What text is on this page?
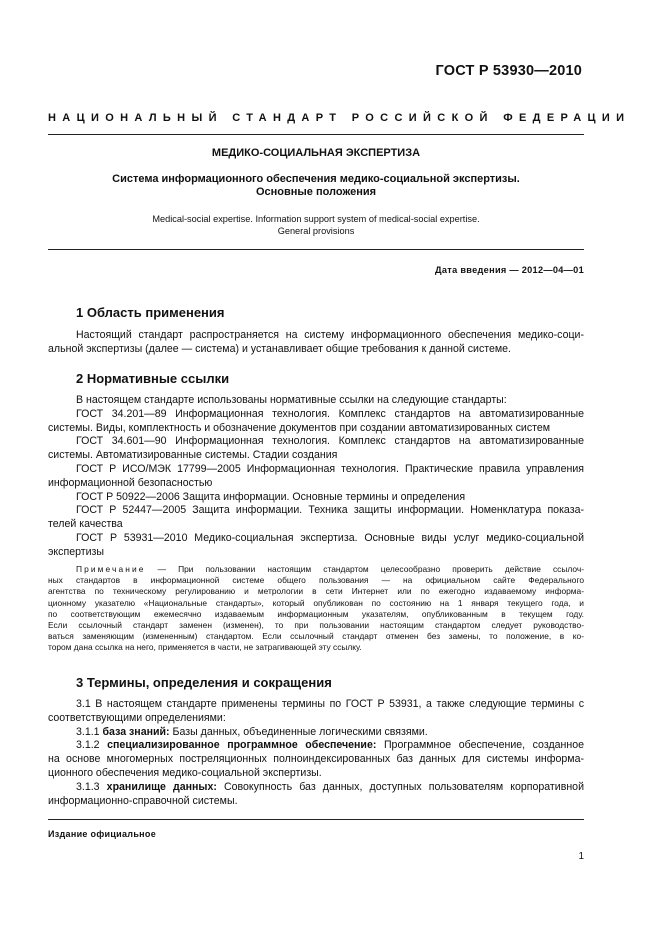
ГОСТ Р 53930—2010
НАЦИОНАЛЬНЫЙ СТАНДАРТ РОССИЙСКОЙ ФЕДЕРАЦИИ
МЕДИКО-СОЦИАЛЬНАЯ ЭКСПЕРТИЗА
Система информационного обеспечения медико-социальной экспертизы.
Основные положения
Medical-social expertise. Information support system of medical-social expertise.
General provisions
Дата введения — 2012—04—01
1 Область применения
Настоящий стандарт распространяется на систему информационного обеспечения медико-соци-
альной экспертизы (далее — система) и устанавливает общие требования к данной системе.
2 Нормативные ссылки
В настоящем стандарте использованы нормативные ссылки на следующие стандарты:
ГОСТ 34.201—89 Информационная технология. Комплекс стандартов на автоматизированные
системы. Виды, комплектность и обозначение документов при создании автоматизированных систем
ГОСТ 34.601—90 Информационная технология. Комплекс стандартов на автоматизированные
системы. Автоматизированные системы. Стадии создания
ГОСТ Р ИСО/МЭК 17799—2005 Информационная технология. Практические правила управления
информационной безопасностью
ГОСТ Р 50922—2006 Защита информации. Основные термины и определения
ГОСТ Р 52447—2005 Защита информации. Техника защиты информации. Номенклатура показа-
телей качества
ГОСТ Р 53931—2010 Медико-социальная экспертиза. Основные виды услуг медико-социальной
экспертизы
Примечание — При пользовании настоящим стандартом целесообразно проверить действие ссылоч-
ных стандартов в информационной системе общего пользования — на официальном сайте Федерального
агентства по техническому регулированию и метрологии в сети Интернет или по ежегодно издаваемому информа-
ционному указателю «Национальные стандарты», который опубликован по состоянию на 1 января текущего года, и
по соответствующим ежемесячно издаваемым информационным указателям, опубликованным в текущем году.
Если ссылочный стандарт заменен (изменен), то при пользовании настоящим стандартом следует руководство-
ваться заменяющим (измененным) стандартом. Если ссылочный стандарт отменен без замены, то положение, в ко-
тором дана ссылка на него, применяется в части, не затрагивающей эту ссылку.
3 Термины, определения и сокращения
3.1 В настоящем стандарте применены термины по ГОСТ Р 53931, а также следующие термины с
соответствующими определениями:
3.1.1 база знаний: Базы данных, объединенные логическими связями.
3.1.2 специализированное программное обеспечение: Программное обеспечение, созданное
на основе многомерных постреляционных полноиндексированных баз данных для системы информа-
ционного обеспечения медико-социальной экспертизы.
3.1.3 хранилище данных: Совокупность баз данных, доступных пользователям корпоративной
информационно-справочной системы.
Издание официальное
1
